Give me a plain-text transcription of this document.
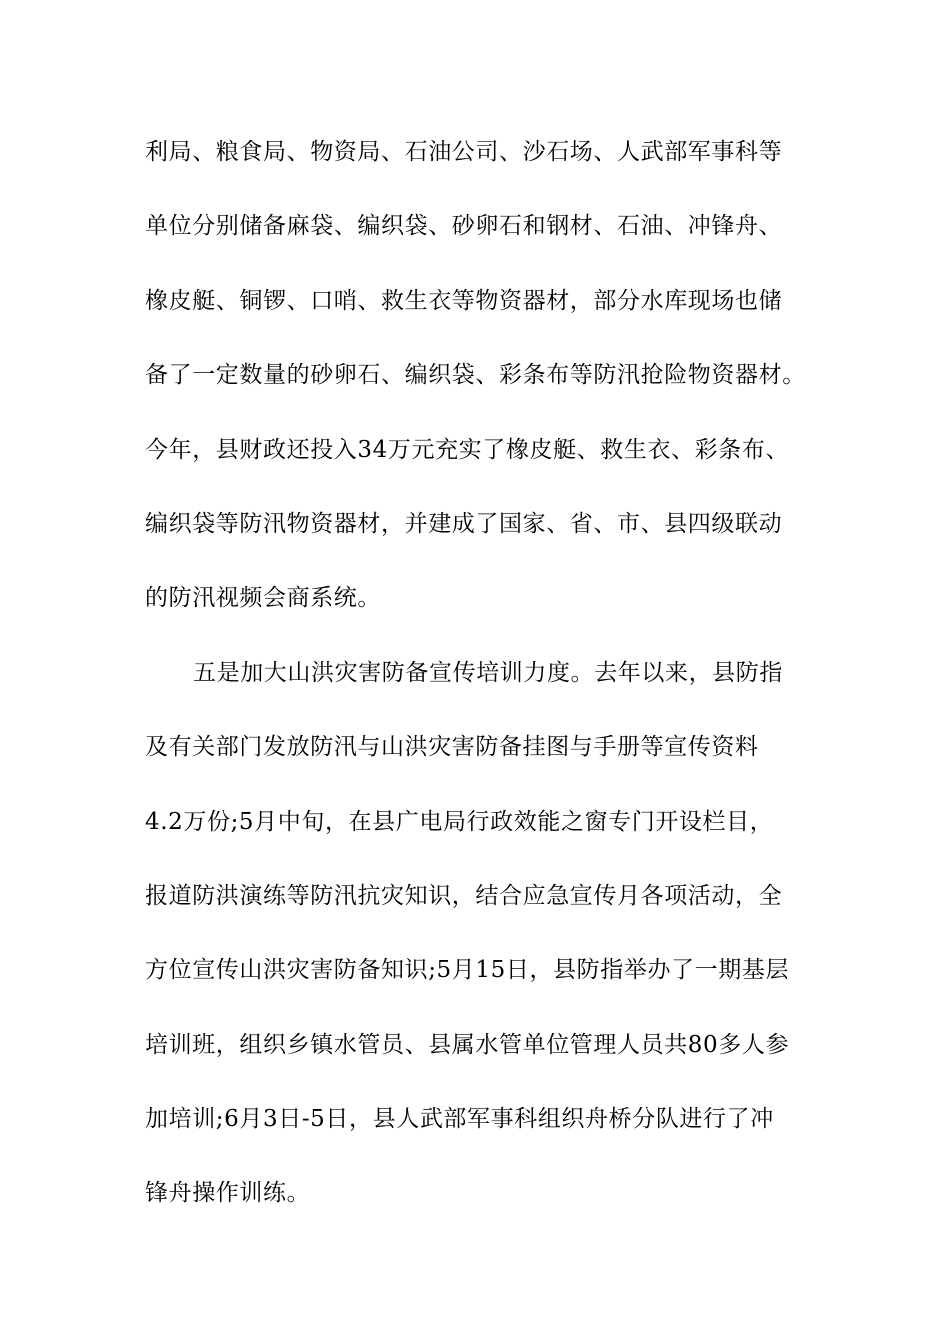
利局、粮食局、物资局、石油公司、沙石场、人武部军事科等
单位分别储备麻袋、编织袋、砂卵石和钢材、石油、冲锋舟、
橡皮艇、铜锣、口哨、救生衣等物资器材，部分水库现场也储
备了一定数量的砂卵石、编织袋、彩条布等防汛抢险物资器材。
今年，县财政还投入34万元充实了橡皮艇、救生衣、彩条布、
编织袋等防汛物资器材，并建成了国家、省、市、县四级联动
的防汛视频会商系统。
五是加大山洪灾害防备宣传培训力度。去年以来，县防指
及有关部门发放防汛与山洪灾害防备挂图与手册等宣传资料
4.2万份;5月中旬，在县广电局行政效能之窗专门开设栏目，
报道防洪演练等防汛抗灾知识，结合应急宣传月各项活动，全
方位宣传山洪灾害防备知识;5月15日，县防指举办了一期基层
培训班，组织乡镇水管员、县属水管单位管理人员共80多人参
加培训;6月3日-5日，县人武部军事科组织舟桥分队进行了冲
锋舟操作训练。
